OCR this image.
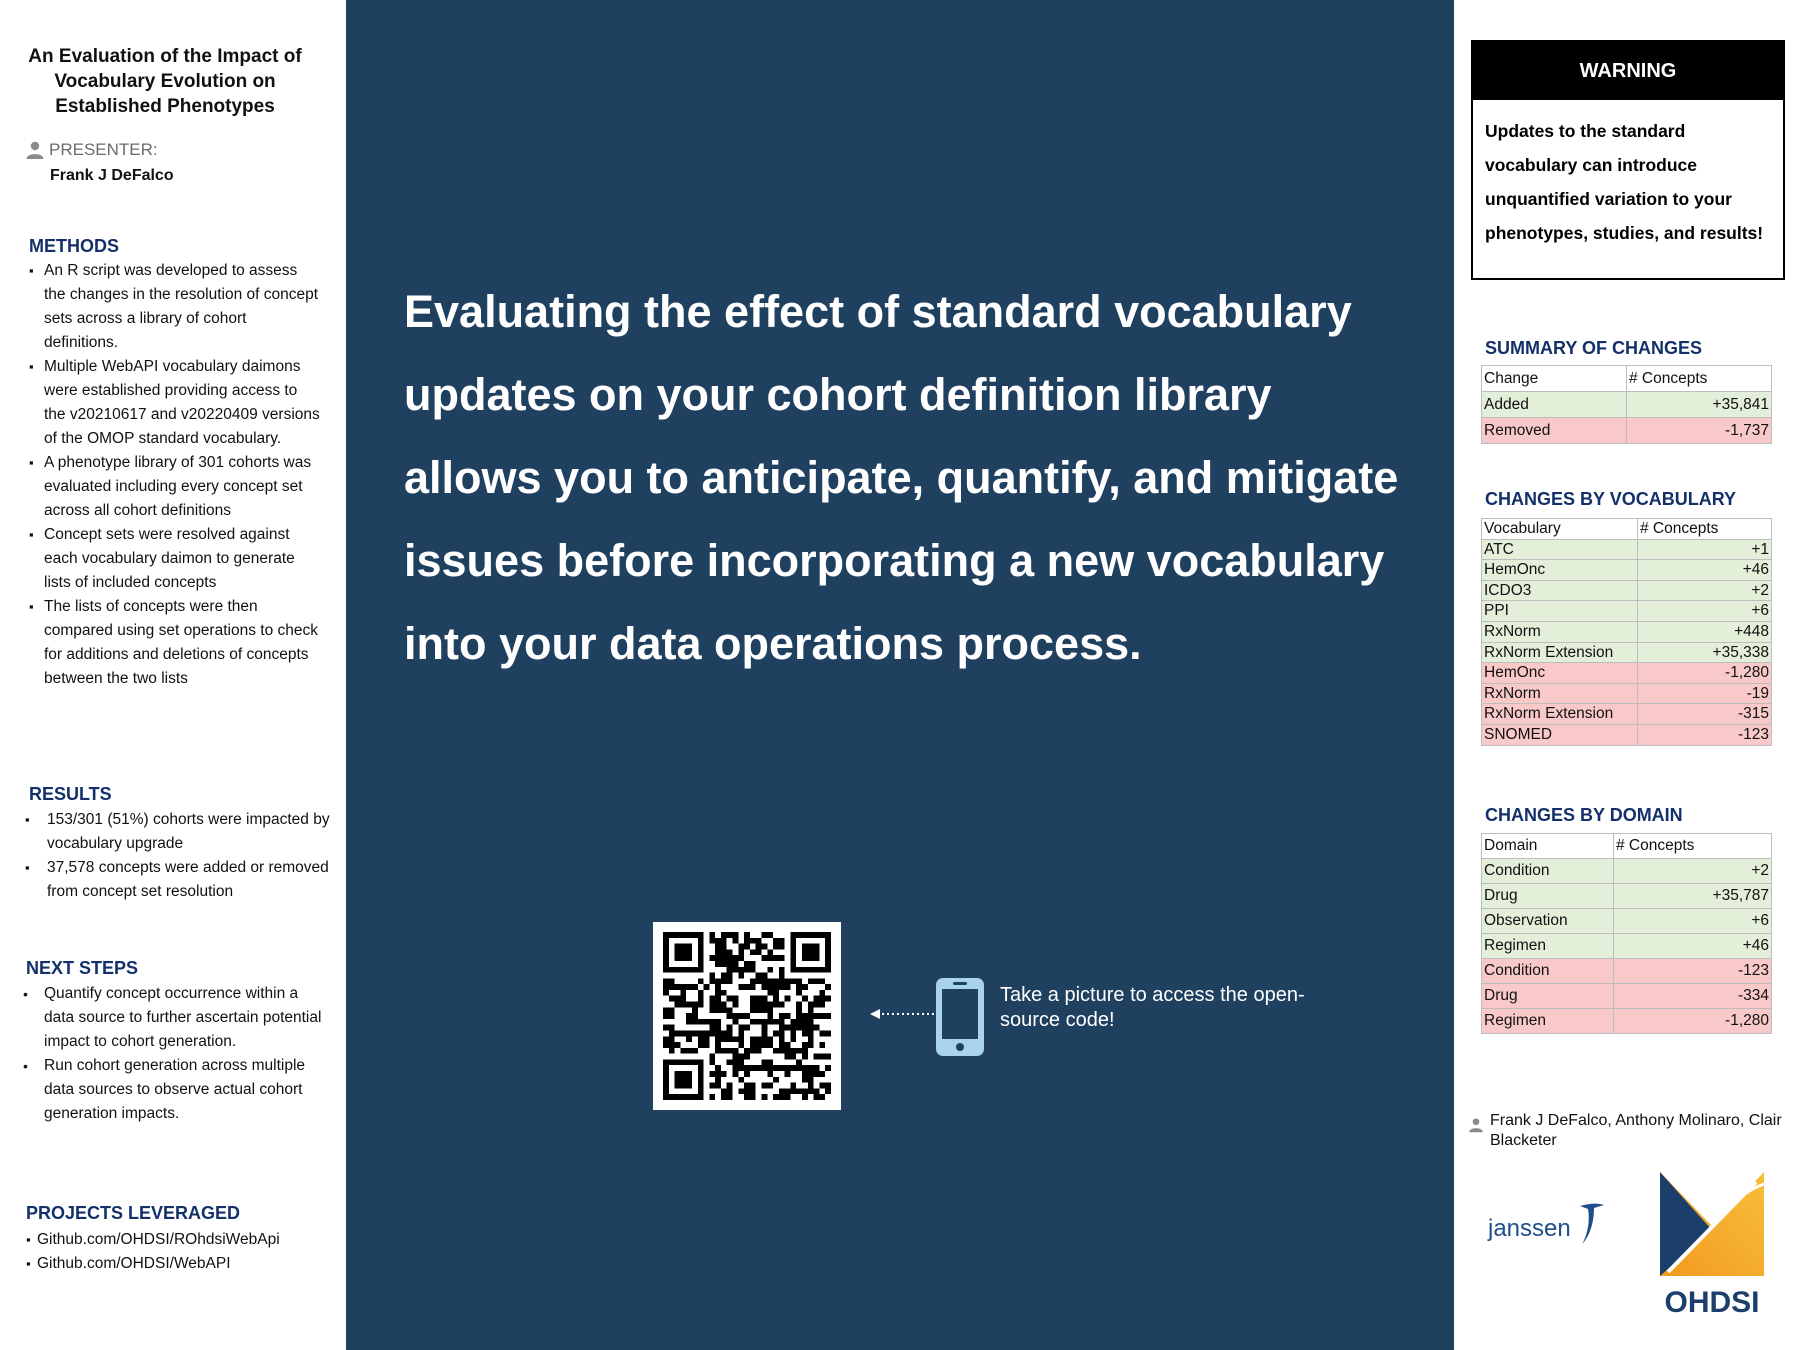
An Evaluation of the Impact of Vocabulary Evolution on Established Phenotypes
PRESENTER:
Frank J DeFalco
METHODS
▪ An R script was developed to assess the changes in the resolution of concept sets across a library of cohort definitions.
▪ Multiple WebAPI vocabulary daimons were established providing access to the v20210617 and v20220409 versions of the OMOP standard vocabulary.
▪ A phenotype library of 301 cohorts was evaluated including every concept set across all cohort definitions
▪ Concept sets were resolved against each vocabulary daimon to generate lists of included concepts
▪ The lists of concepts were then compared using set operations to check for additions and deletions of concepts between the two lists
RESULTS
▪ 153/301 (51%) cohorts were impacted by vocabulary upgrade
▪ 37,578 concepts were added or removed from concept set resolution
NEXT STEPS
• Quantify concept occurrence within a data source to further ascertain potential impact to cohort generation.
• Run cohort generation across multiple data sources to observe actual cohort generation impacts.
PROJECTS LEVERAGED
▪ Github.com/OHDSI/ROhdsiWebApi
▪ Github.com/OHDSI/WebAPI
Evaluating the effect of standard vocabulary updates on your cohort definition library allows you to anticipate, quantify, and mitigate issues before incorporating a new vocabulary into your data operations process.
Take a picture to access the open-source code!
WARNING
Updates to the standard vocabulary can introduce unquantified variation to your phenotypes, studies, and results!
SUMMARY OF CHANGES
Change	# Concepts
Added	+35,841
Removed	-1,737
CHANGES BY VOCABULARY
Vocabulary	# Concepts
ATC	+1
HemOnc	+46
ICDO3	+2
PPI	+6
RxNorm	+448
RxNorm Extension	+35,338
HemOnc	-1,280
RxNorm	-19
RxNorm Extension	-315
SNOMED	-123
CHANGES BY DOMAIN
Domain	# Concepts
Condition	+2
Drug	+35,787
Observation	+6
Regimen	+46
Condition	-123
Drug	-334
Regimen	-1,280
Frank J DeFalco, Anthony Molinaro, Clair Blacketer
janssen
OHDSI
